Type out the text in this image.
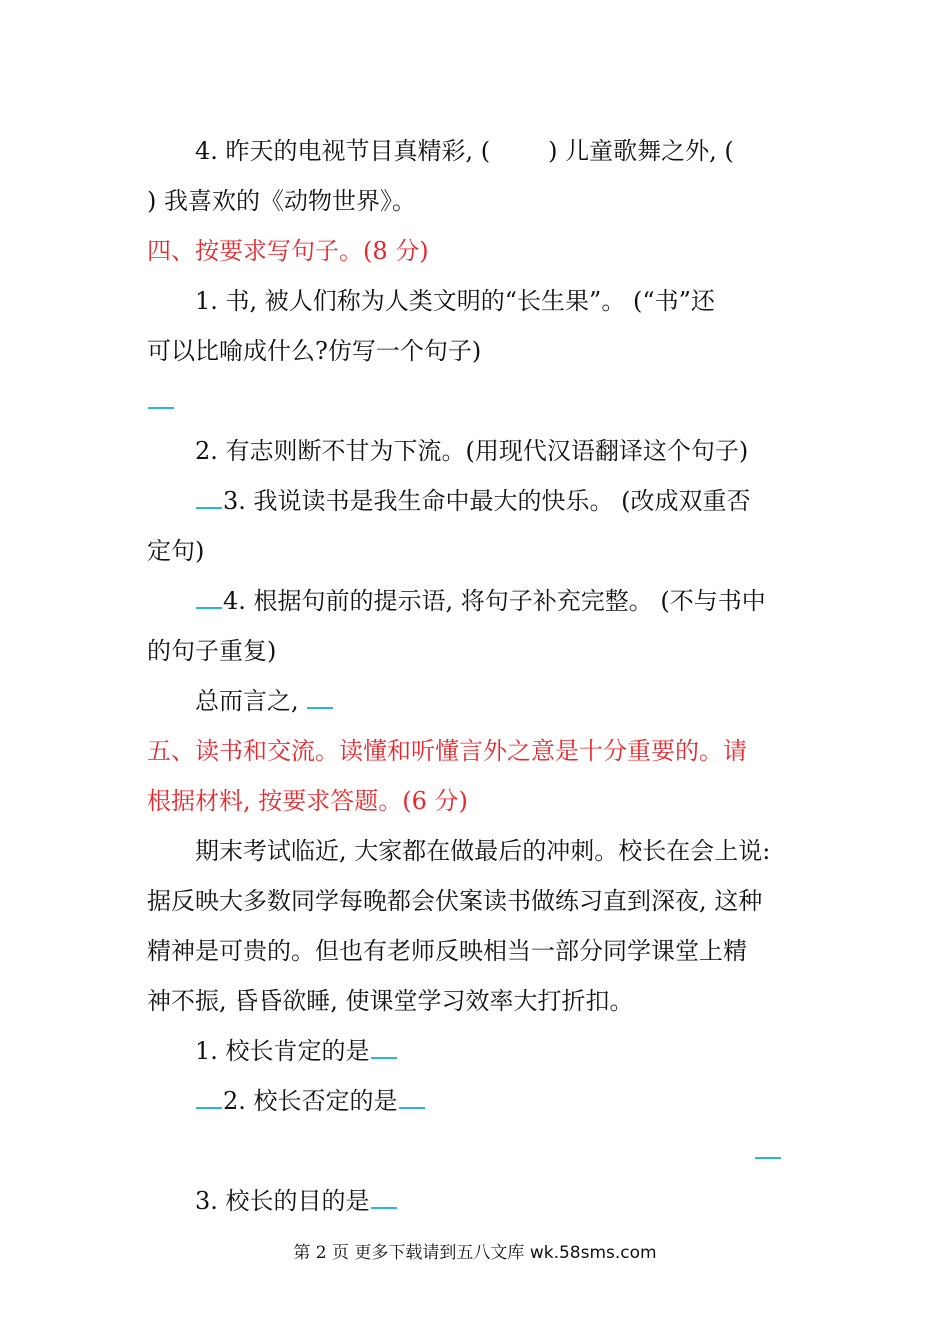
4. 昨天的电视节目真精彩, ( ) 儿童歌舞之外, (
) 我喜欢的《动物世界》。
四、按要求写句子。(8 分)
1. 书, 被人们称为人类文明的“长生果”。 (“书”还
可以比喻成什么?仿写一个句子)
2. 有志则断不甘为下流。(用现代汉语翻译这个句子)
3. 我说读书是我生命中最大的快乐。 (改成双重否
定句)
4. 根据句前的提示语, 将句子补充完整。 (不与书中
的句子重复)
总而言之,
五、读书和交流。读懂和听懂言外之意是十分重要的。请
根据材料, 按要求答题。(6 分)
期末考试临近, 大家都在做最后的冲刺。校长在会上说:
据反映大多数同学每晚都会伏案读书做练习直到深夜, 这种
精神是可贵的。但也有老师反映相当一部分同学课堂上精
神不振, 昏昏欲睡, 使课堂学习效率大打折扣。
1. 校长肯定的是
2. 校长否定的是
3. 校长的目的是
第 2 页 更多下载请到五八文库 wk.58sms.com
